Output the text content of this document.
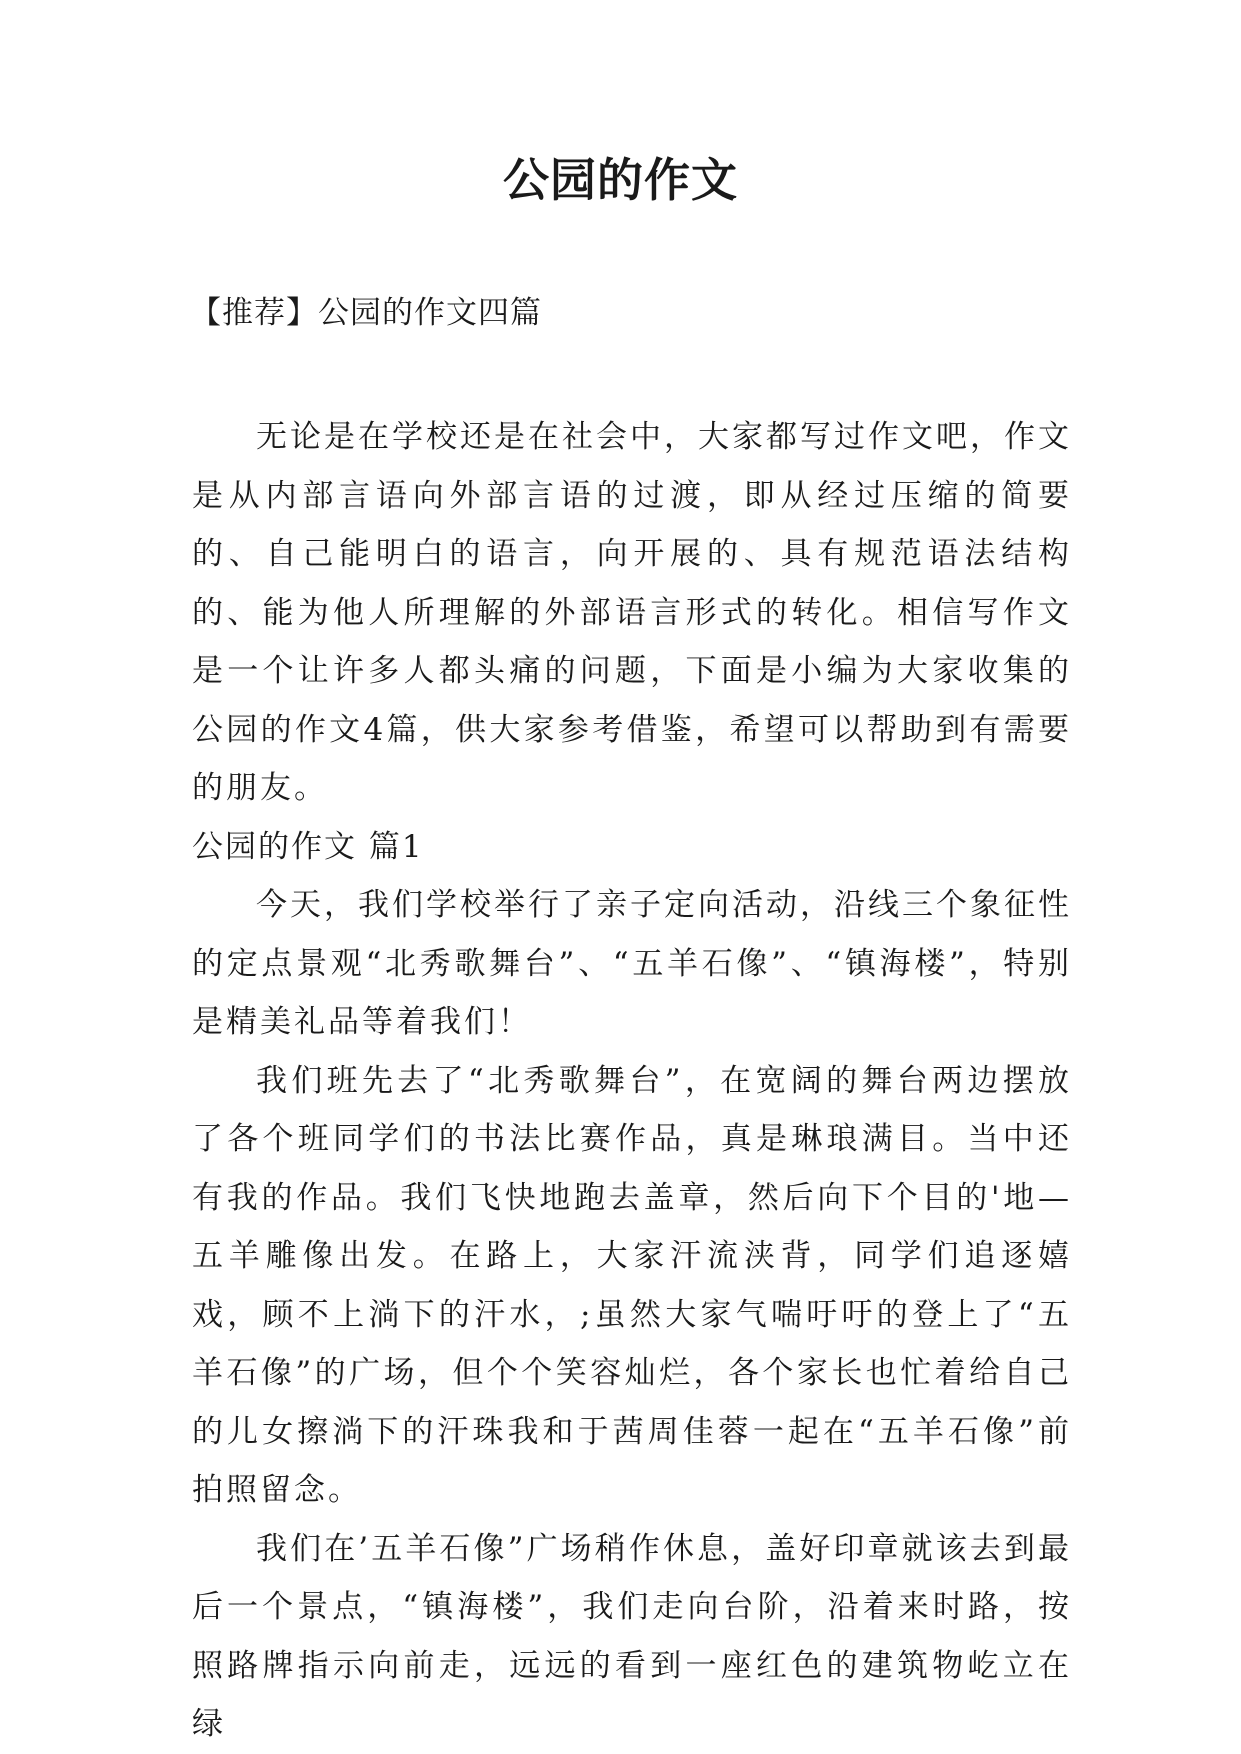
公园的作文
【推荐】公园的作文四篇

无论是在学校还是在社会中，大家都写过作文吧，作文是从内部言语向外部言语的过渡，即从经过压缩的简要的、自己能明白的语言，向开展的、具有规范语法结构的、能为他人所理解的外部语言形式的转化。相信写作文是一个让许多人都头痛的问题，下面是小编为大家收集的公园的作文4篇，供大家参考借鉴，希望可以帮助到有需要的朋友。

公园的作文 篇1

今天，我们学校举行了亲子定向活动，沿线三个象征性的定点景观“北秀歌舞台”、“五羊石像”、“镇海楼”，特别是精美礼品等着我们！

我们班先去了“北秀歌舞台”，在宽阔的舞台两边摆放了各个班同学们的书法比赛作品，真是琳琅满目。当中还有我的作品。我们飞快地跑去盖章，然后向下个目的'地—五羊雕像出发。在路上，大家汗流浃背，同学们追逐嬉戏，顾不上淌下的汗水，;虽然大家气喘吁吁的登上了“五羊石像”的广场，但个个笑容灿烂，各个家长也忙着给自己的儿女擦淌下的汗珠我和于茜周佳蓉一起在“五羊石像”前拍照留念。

我们在’五羊石像”广场稍作休息，盖好印章就该去到最后一个景点，“镇海楼”，我们走向台阶，沿着来时路，按照路牌指示向前走，远远的看到一座红色的建筑物屹立在绿
